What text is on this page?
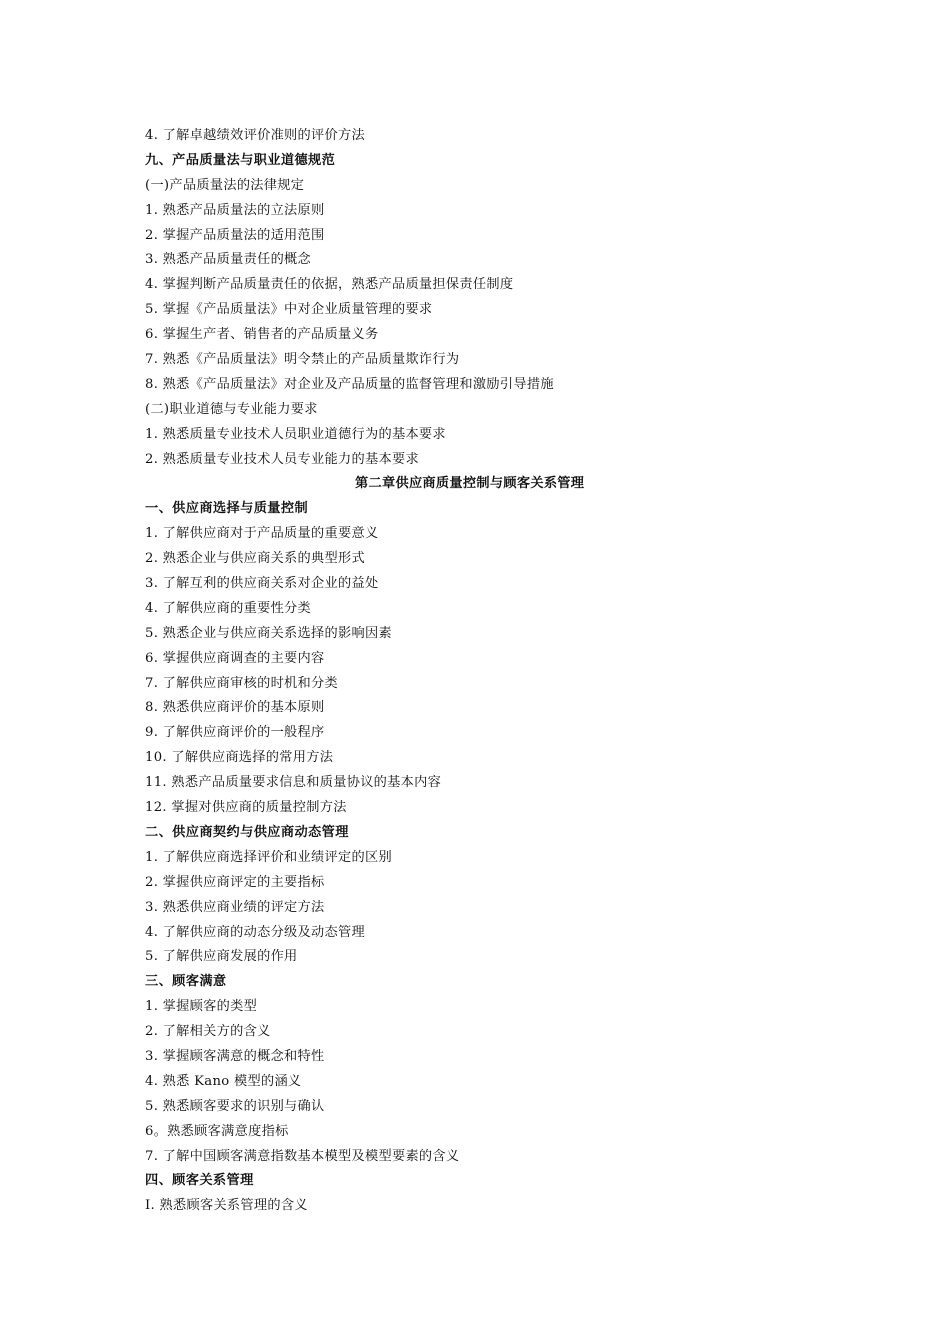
4. 了解卓越绩效评价准则的评价方法
九、产品质量法与职业道德规范
(一)产品质量法的法律规定
1. 熟悉产品质量法的立法原则
2. 掌握产品质量法的适用范围
3. 熟悉产品质量责任的概念
4. 掌握判断产品质量责任的依据，熟悉产品质量担保责任制度
5. 掌握《产品质量法》中对企业质量管理的要求
6. 掌握生产者、销售者的产品质量义务
7. 熟悉《产品质量法》明令禁止的产品质量欺诈行为
8. 熟悉《产品质量法》对企业及产品质量的监督管理和激励引导措施
(二)职业道德与专业能力要求
1. 熟悉质量专业技术人员职业道德行为的基本要求
2. 熟悉质量专业技术人员专业能力的基本要求
第二章供应商质量控制与顾客关系管理
一、供应商选择与质量控制
1. 了解供应商对于产品质量的重要意义
2. 熟悉企业与供应商关系的典型形式
3. 了解互利的供应商关系对企业的益处
4. 了解供应商的重要性分类
5. 熟悉企业与供应商关系选择的影响因素
6. 掌握供应商调查的主要内容
7. 了解供应商审核的时机和分类
8. 熟悉供应商评价的基本原则
9. 了解供应商评价的一般程序
10. 了解供应商选择的常用方法
11. 熟悉产品质量要求信息和质量协议的基本内容
12. 掌握对供应商的质量控制方法
二、供应商契约与供应商动态管理
1. 了解供应商选择评价和业绩评定的区别
2. 掌握供应商评定的主要指标
3. 熟悉供应商业绩的评定方法
4. 了解供应商的动态分级及动态管理
5. 了解供应商发展的作用
三、顾客满意
1. 掌握顾客的类型
2. 了解相关方的含义
3. 掌握顾客满意的概念和特性
4. 熟悉 Kano 模型的涵义
5. 熟悉顾客要求的识别与确认
6。熟悉顾客满意度指标
7. 了解中国顾客满意指数基本模型及模型要素的含义
四、顾客关系管理
I. 熟悉顾客关系管理的含义
